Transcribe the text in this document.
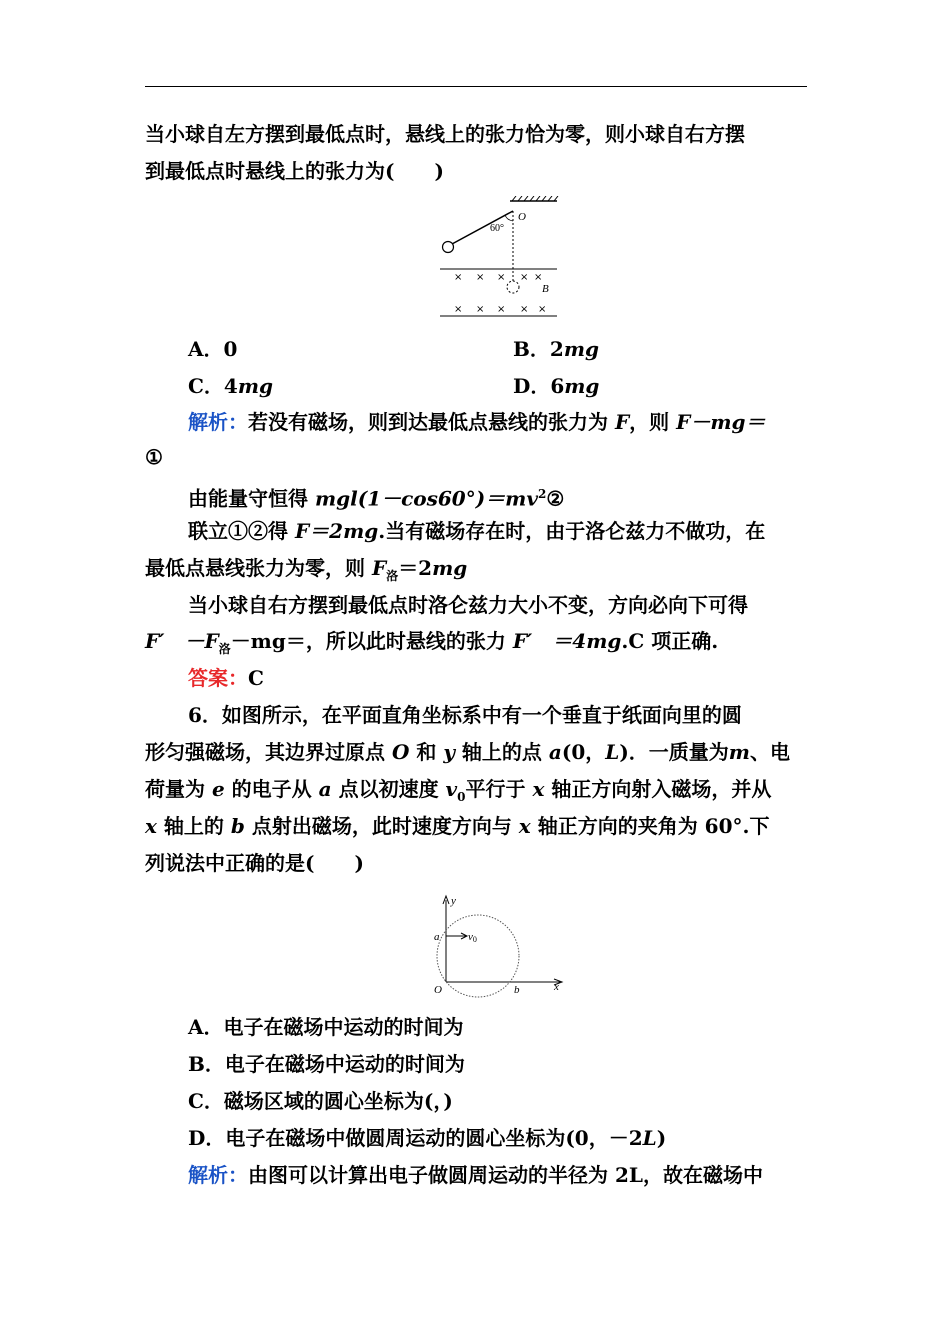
当小球自左方摆到最低点时，悬线上的张力恰为零，则小球自右方摆
到最低点时悬线上的张力为(　　)
O
60°
× × × × ×
× × × × ×
B
A．0	B．2mg
C．4mg	D．6mg
解析：若没有磁场，则到达最低点悬线的张力为 F，则 F－mg＝
①
由能量守恒得 $mgl(1-\cos 60^\circ)=mv^2②$
联立①②得 F＝2mg.当有磁场存在时，由于洛仑兹力不做功，在
最低点悬线张力为零，则 $F_洛=2mg$
当小球自右方摆到最低点时洛仑兹力大小不变，方向必向下可得
F′　$-F_洛-mg=$，所以此时悬线的张力 F′　＝4mg.C 项正确.
答案：C
6．如图所示，在平面直角坐标系中有一个垂直于纸面向里的圆
形匀强磁场，其边界过原点 O 和 y 轴上的点 a(0，L)．一质量为m、电
荷量为 e 的电子从 a 点以初速度 $v_0$平行于 x 轴正方向射入磁场，并从
x 轴上的 b 点射出磁场，此时速度方向与 x 轴正方向的夹角为 60°.下
列说法中正确的是(　　)
y
a	v0
O	b	x
A．电子在磁场中运动的时间为
B．电子在磁场中运动的时间为
C．磁场区域的圆心坐标为(，)
D．电子在磁场中做圆周运动的圆心坐标为(0，－2L)
解析：由图可以计算出电子做圆周运动的半径为 2L，故在磁场中
